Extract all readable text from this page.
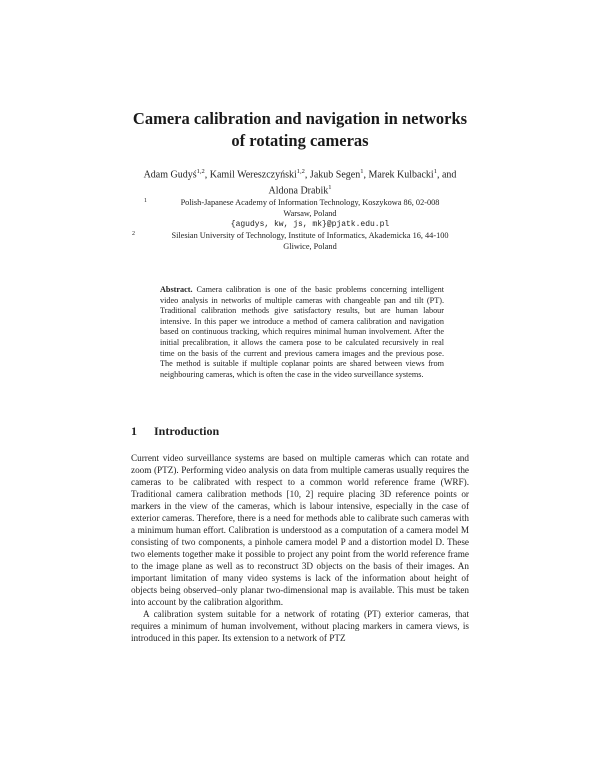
Camera calibration and navigation in networks
of rotating cameras
Adam Gudyś$^{1,2}$, Kamil Wereszczyński$^{1,2}$, Jakub Segen$^1$, Marek Kulbacki$^1$, and
Aldona Drabik$^1$
1	Polish-Japanese Academy of Information Technology, Koszykowa 86, 02-008
Warsaw, Poland
{agudys, kw, js, mk}@pjatk.edu.pl
2	Silesian University of Technology, Institute of Informatics, Akademicka 16, 44-100
Gliwice, Poland
Abstract. Camera calibration is one of the basic problems concerning intelligent video analysis in networks of multiple cameras with changeable pan and tilt (PT). Traditional calibration methods give satisfactory results, but are human labour intensive. In this paper we introduce a method of camera calibration and navigation based on continuous tracking, which requires minimal human involvement. After the initial precalibration, it allows the camera pose to be calculated recursively in real time on the basis of the current and previous camera images and the previous pose. The method is suitable if multiple coplanar points are shared between views from neighbouring cameras, which is often the case in the video surveillance systems.
1 Introduction

Current video surveillance systems are based on multiple cameras which can rotate and zoom (PTZ). Performing video analysis on data from multiple cameras usually requires the cameras to be calibrated with respect to a common world reference frame (WRF). Traditional camera calibration methods [10, 2] require placing 3D reference points or markers in the view of the cameras, which is labour intensive, especially in the case of exterior cameras. Therefore, there is a need for methods able to calibrate such cameras with a minimum human effort. Calibration is understood as a computation of a camera model M consisting of two components, a pinhole camera model P and a distortion model D. These two elements together make it possible to project any point from the world reference frame to the image plane as well as to reconstruct 3D objects on the basis of their images. An important limitation of many video systems is lack of the information about height of objects being observed–only planar two-dimensional map is available. This must be taken into account by the calibration algorithm.

A calibration system suitable for a network of rotating (PT) exterior cameras, that requires a minimum of human involvement, without placing markers in camera views, is introduced in this paper. Its extension to a network of PTZ
